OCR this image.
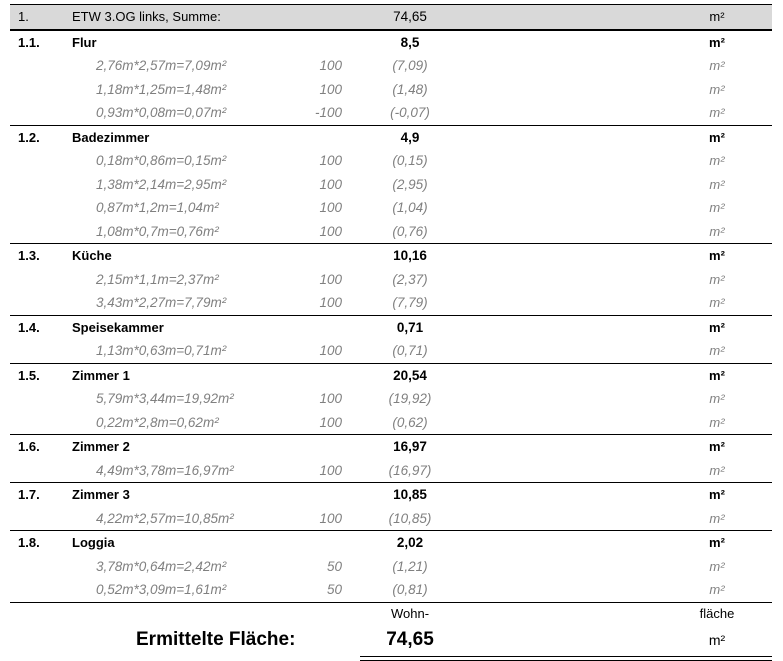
1.	ETW 3.OG links, Summe:	74,65	m²
1.1. Flur	8,5	m²
2,76m*2,57m=7,09m²	100	(7,09)	m²
1,18m*1,25m=1,48m²	100	(1,48)	m²
0,93m*0,08m=0,07m²	-100	(-0,07)	m²
1.2. Badezimmer	4,9	m²
0,18m*0,86m=0,15m²	100	(0,15)	m²
1,38m*2,14m=2,95m²	100	(2,95)	m²
0,87m*1,2m=1,04m²	100	(1,04)	m²
1,08m*0,7m=0,76m²	100	(0,76)	m²
1.3. Küche	10,16	m²
2,15m*1,1m=2,37m²	100	(2,37)	m²
3,43m*2,27m=7,79m²	100	(7,79)	m²
1.4. Speisekammer	0,71	m²
1,13m*0,63m=0,71m²	100	(0,71)	m²
1.5. Zimmer 1	20,54	m²
5,79m*3,44m=19,92m²	100	(19,92)	m²
0,22m*2,8m=0,62m²	100	(0,62)	m²
1.6. Zimmer 2	16,97	m²
4,49m*3,78m=16,97m²	100	(16,97)	m²
1.7. Zimmer 3	10,85	m²
4,22m*2,57m=10,85m²	100	(10,85)	m²
1.8. Loggia	2,02	m²
3,78m*0,64m=2,42m²	50	(1,21)	m²
0,52m*3,09m=1,61m²	50	(0,81)	m²
Wohn-	fläche
Ermittelte Fläche:	74,65	m²
